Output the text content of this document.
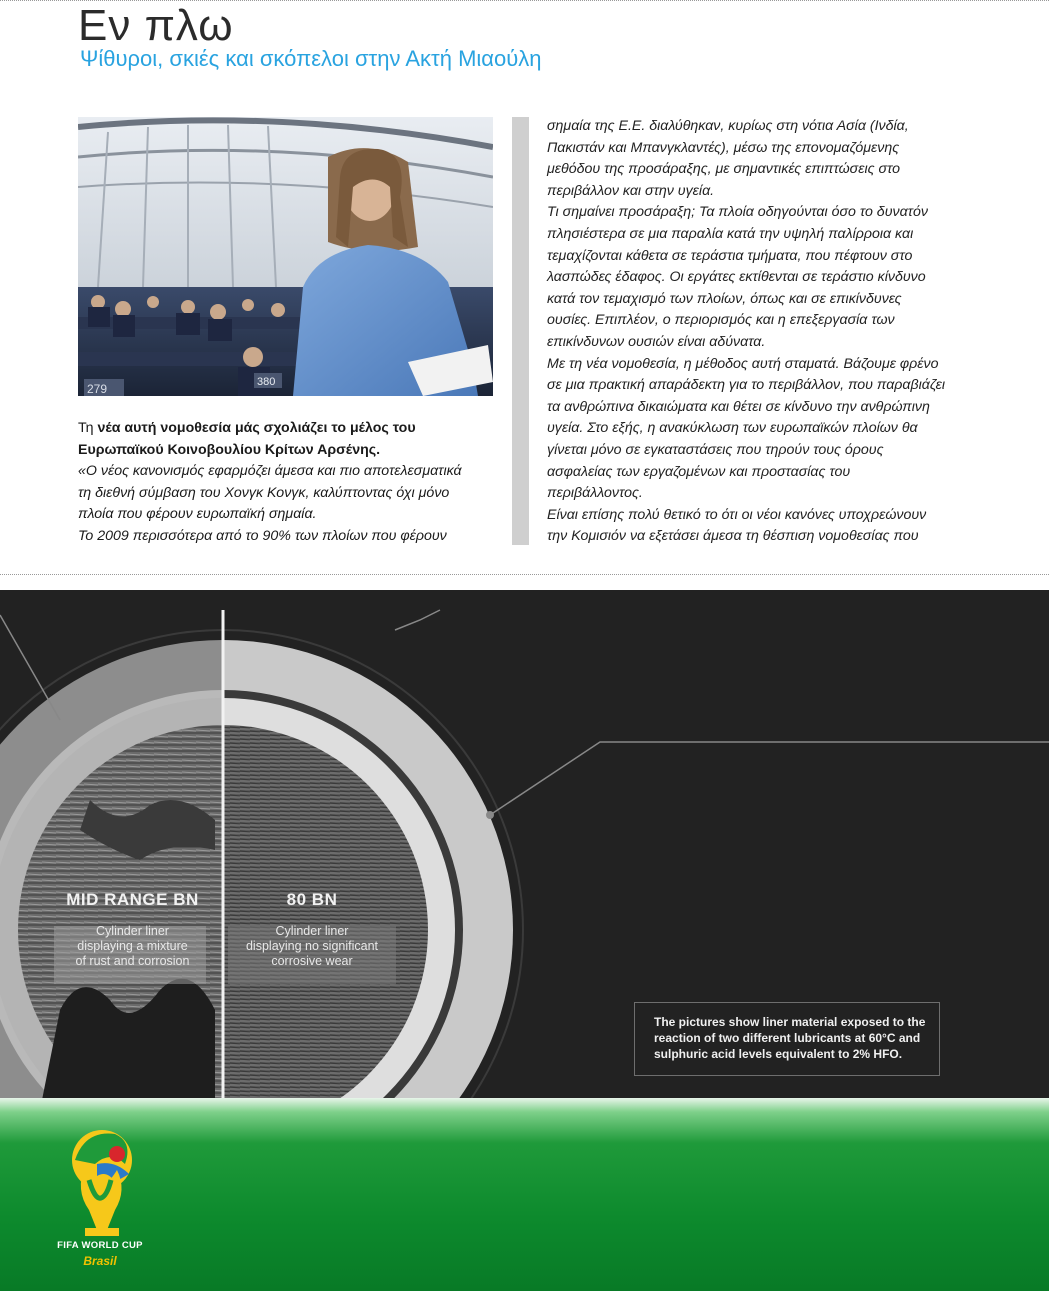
Εν πλω
Ψίθυροι, σκιές και σκόπελοι στην Ακτή Μιαούλη
279	380

Τη νέα αυτή νομοθεσία μάς σχολιάζει το μέλος του Ευρωπαϊκού Κοινοβουλίου Κρίτων Αρσένης.

«Ο νέος κανονισμός εφαρμόζει άμεσα και πιο αποτελεσματικά τη διεθνή σύμβαση του Χονγκ Κονγκ, καλύπτοντας όχι μόνο πλοία που φέρουν ευρωπαϊκή σημαία.

Το 2009 περισσότερα από το 90% των πλοίων που φέρουν

σημαία της Ε.Ε. διαλύθηκαν, κυρίως στη νότια Ασία (Ινδία, Πακιστάν και Μπανγκλαντές), μέσω της επονομαζόμενης μεθόδου της προσάραξης, με σημαντικές επιπτώσεις στο περιβάλλον και στην υγεία.

Τι σημαίνει προσάραξη; Τα πλοία οδηγούνται όσο το δυνατόν πλησιέστερα σε μια παραλία κατά την υψηλή παλίρροια και τεμαχίζονται κάθετα σε τεράστια τμήματα, που πέφτουν στο λασπώδες έδαφος. Οι εργάτες εκτίθενται σε τεράστιο κίνδυνο κατά τον τεμαχισμό των πλοίων, όπως και σε επικίνδυνες ουσίες. Επιπλέον, ο περιορισμός και η επεξεργασία των επικίνδυνων ουσιών είναι αδύνατα.

Με τη νέα νομοθεσία, η μέθοδος αυτή σταματά. Βάζουμε φρένο σε μια πρακτική απαράδεκτη για το περιβάλλον, που παραβιάζει τα ανθρώπινα δικαιώματα και θέτει σε κίνδυνο την ανθρώπινη υγεία. Στο εξής, η ανακύκλωση των ευρωπαϊκών πλοίων θα γίνεται μόνο σε εγκαταστάσεις που τηρούν τους όρους ασφαλείας των εργαζομένων και προστασίας του περιβάλλοντος.

Είναι επίσης πολύ θετικό το ότι οι νέοι κανόνες υποχρεώνουν την Κομισιόν να εξετάσει άμεσα τη θέσπιση νομοθεσίας που

MID RANGE BN
Cylinder liner
displaying a mixture
of rust and corrosion
80 BN
Cylinder liner
displaying no significant
corrosive wear
The pictures show liner material exposed to the reaction of two different lubricants at 60°C and sulphuric acid levels equivalent to 2% HFO.
FIFA WORLD CUP
Brasil
